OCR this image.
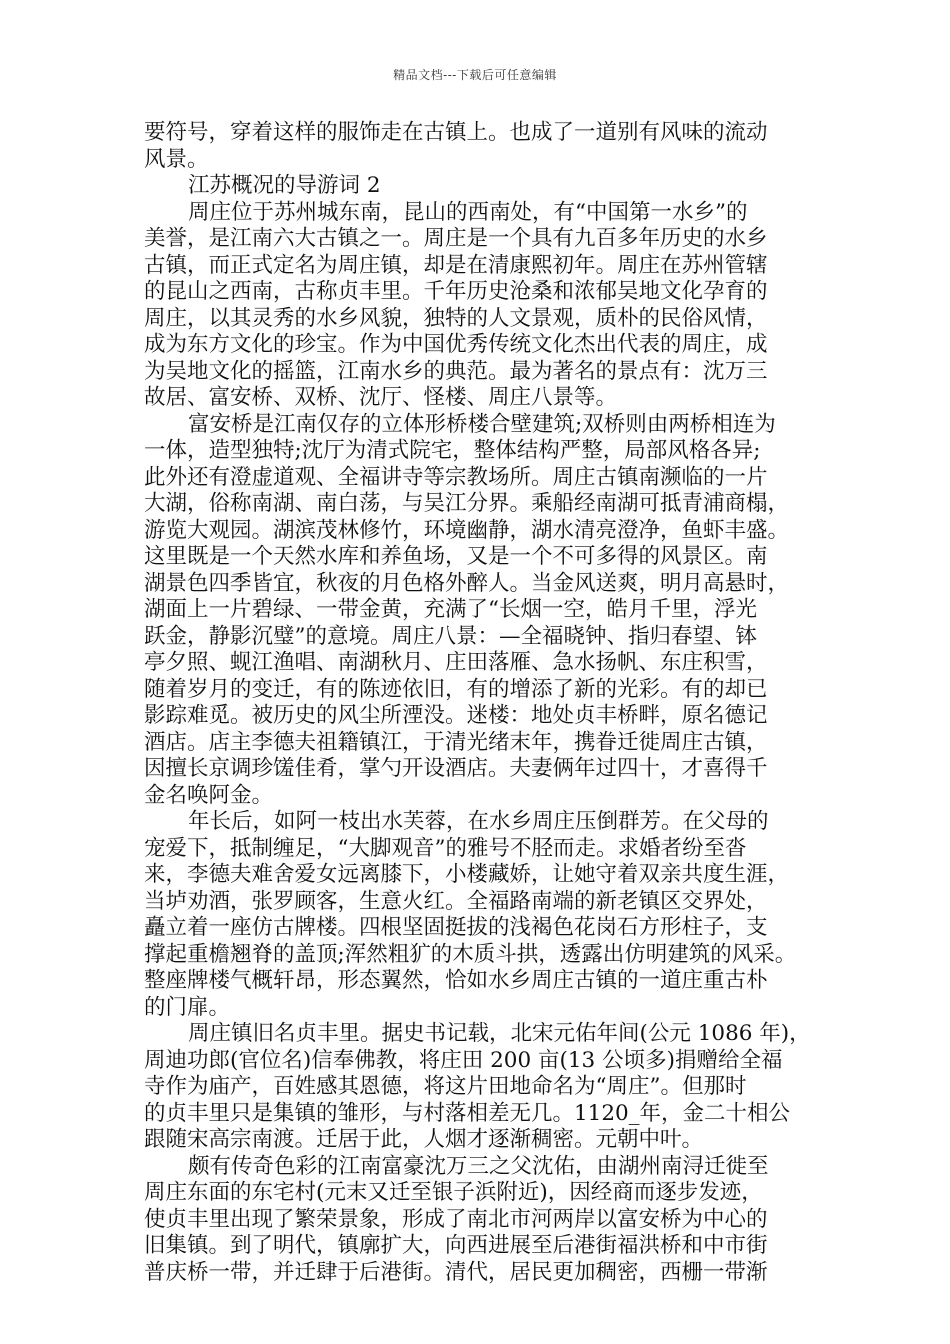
精品文档---下载后可任意编辑
要符号，穿着这样的服饰走在古镇上。也成了一道别有风味的流动
风景。
江苏概况的导游词 2
周庄位于苏州城东南，昆山的西南处，有“中国第一水乡”的
美誉，是江南六大古镇之一。周庄是一个具有九百多年历史的水乡
古镇，而正式定名为周庄镇，却是在清康熙初年。周庄在苏州管辖
的昆山之西南，古称贞丰里。千年历史沧桑和浓郁吴地文化孕育的
周庄，以其灵秀的水乡风貌，独特的人文景观，质朴的民俗风情，
成为东方文化的珍宝。作为中国优秀传统文化杰出代表的周庄，成
为吴地文化的摇篮，江南水乡的典范。最为著名的景点有：沈万三
故居、富安桥、双桥、沈厅、怪楼、周庄八景等。
富安桥是江南仅存的立体形桥楼合壁建筑;双桥则由两桥相连为
一体，造型独特;沈厅为清式院宅，整体结构严整，局部风格各异;
此外还有澄虚道观、全福讲寺等宗教场所。周庄古镇南濒临的一片
大湖，俗称南湖、南白荡，与吴江分界。乘船经南湖可抵青浦商榻，
游览大观园。湖滨茂林修竹，环境幽静，湖水清亮澄净，鱼虾丰盛。
这里既是一个天然水库和养鱼场，又是一个不可多得的风景区。南
湖景色四季皆宜，秋夜的月色格外醉人。当金风送爽，明月高悬时，
湖面上一片碧绿、一带金黄，充满了“长烟一空，皓月千里，浮光
跃金，静影沉璧”的意境。周庄八景：—全福晓钟、指归春望、钵
亭夕照、蚬江渔唱、南湖秋月、庄田落雁、急水扬帆、东庄积雪，
随着岁月的变迁，有的陈迹依旧，有的增添了新的光彩。有的却已
影踪难觅。被历史的风尘所湮没。迷楼：地处贞丰桥畔，原名德记
酒店。店主李德夫祖籍镇江，于清光绪末年，携眷迁徙周庄古镇，
因擅长京调珍馐佳肴，掌勺开设酒店。夫妻俩年过四十，才喜得千
金名唤阿金。
年长后，如阿一枝出水芙蓉，在水乡周庄压倒群芳。在父母的
宠爱下，抵制缠足，“大脚观音”的雅号不胫而走。求婚者纷至沓
来，李德夫难舍爱女远离膝下，小楼藏娇，让她守着双亲共度生涯，
当垆劝酒，张罗顾客，生意火红。全福路南端的新老镇区交界处，
矗立着一座仿古牌楼。四根坚固挺拔的浅褐色花岗石方形柱子，支
撑起重檐翘脊的盖顶;浑然粗犷的木质斗拱，透露出仿明建筑的风采。
整座牌楼气概轩昂，形态翼然，恰如水乡周庄古镇的一道庄重古朴
的门扉。
周庄镇旧名贞丰里。据史书记载，北宋元佑年间(公元 1086 年)，
周迪功郎(官位名)信奉佛教，将庄田 200 亩(13 公顷多)捐赠给全福
寺作为庙产，百姓感其恩德，将这片田地命名为“周庄”。但那时
的贞丰里只是集镇的雏形，与村落相差无几。1120_年，金二十相公
跟随宋高宗南渡。迁居于此，人烟才逐渐稠密。元朝中叶。
颇有传奇色彩的江南富豪沈万三之父沈佑，由湖州南浔迁徙至
周庄东面的东宅村(元末又迁至银子浜附近)，因经商而逐步发迹，
使贞丰里出现了繁荣景象，形成了南北市河两岸以富安桥为中心的
旧集镇。到了明代，镇廓扩大，向西进展至后港街福洪桥和中市街
普庆桥一带，并迁肆于后港街。清代，居民更加稠密，西栅一带渐
